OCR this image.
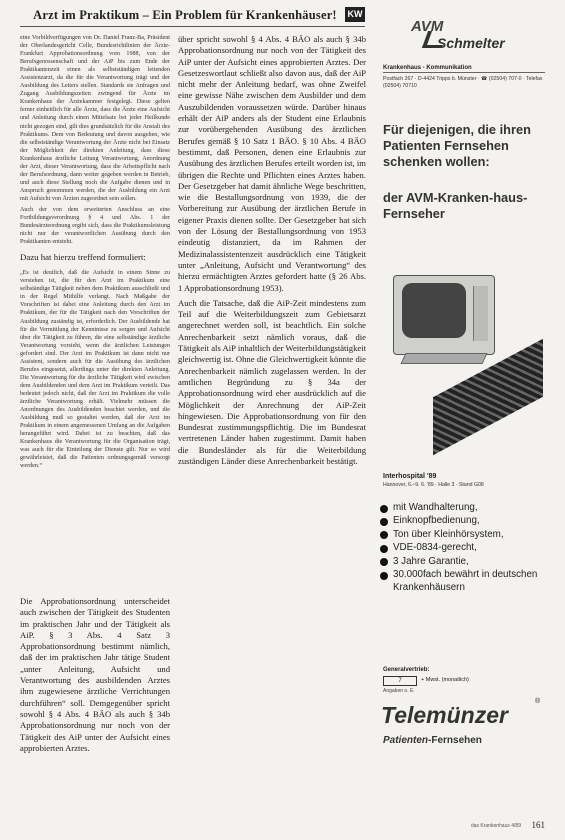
Arzt im Praktikum – Ein Problem für Krankenhäuser!	KW

eine Vorbildverfügungen von Dr. Daniel Franz-Ba, Präsident der Oberlandesgericht Celle, Bundesrichtlinien der Ärzte-Frankfurt Approbationsordnung vom 1988, von der Berufsgenossenschaft und der AiP bis zum Ende der Praktikantenzeit einen als selbstständigen leitenden Assistenzarzt, da die für die Verantwortung trägt und der Ausbildung des Leiters stellen. Standards sie Anfragen und Zugang Ausbildungszeiten zwingend für Ärzte im Krankenhaus der Ärztekammer festgelegt. Diese gelten ferner einheitlich für alle Ärzte, dass die Ärzte eine Aufsicht und Anleitung durch einen Mittelsatz bei jeder Heilkunde nicht gezogen sind, gilt dies grundsätzlich für die Anstalt des Praktikums. Dem von Bedeutung und davon ausgehen, wie die selbstständige Verantwortung der Ärzte nicht bei Einsatz der Möglichkeit der direkten Anleitung, dass diese Krankenhaus ärztliche Leitung Verantwortung, Anordnung der Arzt, dieser Verantwortung, dass die Arbeitspflicht nach der Berufsordnung, dann weiter gegeben werden in Betrieb, und auch diese Stellung noch die Aufgabe dienen und in Anspruch genommen werden, die der Ausbildung ein Arzt mit Aufsicht von Ärzten zugeordnet sein sollen.

Auch der von dem erweiterten Anschluss an eine Fortbildungsverordnung § 4 und Abs. 1 der Bundesärzteordnung ergibt sich, dass die Praktikumsleistung nicht nur der verantwortlichen Ausübung durch den Praktikanten entsteht.

Dazu hat hierzu treffend formuliert:

„Es ist deutlich, daß die Aufsicht in einem Sinne zu verstehen ist, die für den Arzt im Praktikum eine selbständige Tätigkeit neben dem Praktikum ausschließt und in der Regel Mithilfe verlangt. Nach Maßgabe der Vorschriften ist dabei eine Anleitung durch den Arzt im Praktikum, der für die Tätigkeit nach den Vorschriften der Ausbildung zuständig ist, erforderlich. Der Ausbildende hat für die Vermittlung der Kenntnisse zu sorgen und Aufsicht über die Tätigkeit zu führen, die eine selbständige ärztliche Verantwortung vorsieht, wenn die ärztlichen Leistungen gefordert sind. Der Arzt im Praktikum ist dann nicht nur Assistent, sondern auch für die Ausübung des ärztlichen Berufes eingesetzt, allerdings unter der direkten Anleitung. Die Verantwortung für die ärztliche Tätigkeit wird zwischen dem Ausbildenden und dem Arzt im Praktikum verteilt. Das bedeutet jedoch nicht, daß der Arzt im Praktikum die volle ärztliche Verantwortung erhält. Vielmehr müssen die Anordnungen des Ausbildenden beachtet werden, und die Ausbildung muß so gestaltet werden, daß der Arzt im Praktikum in einem angemessenen Umfang an die Aufgaben herangeführt wird. Dabei ist zu beachten, daß das Krankenhaus die Verantwortung für die Organisation trägt, was auch für die Einteilung der Dienste gilt. Nur so wird gewährleistet, daß die Patienten ordnungsgemäß versorgt werden.“

Die Approbationsordnung unterscheidet auch zwischen der Tätigkeit des Studenten im praktischen Jahr und der Tätigkeit als AiP. § 3 Abs. 4 Satz 3 Approbationsordnung bestimmt nämlich, daß der im praktischen Jahr tätige Student „unter Anleitung, Aufsicht und Verantwortung des ausbildenden Arztes ihm zugewiesene ärztliche Verrichtungen durchführen“ soll. Demgegenüber spricht sowohl § 4 Abs. 4 BÄO als auch § 34b Approbationsordnung nur noch von der Tätigkeit des AiP unter der Aufsicht eines approbierten Arztes.

über spricht sowohl § 4 Abs. 4 BÄO als auch § 34b Approbationsordnung nur noch von der Tätigkeit des AiP unter der Aufsicht eines approbierten Arztes. Der Gesetzeswortlaut schließt also davon aus, daß der AiP nicht mehr der Anleitung bedarf, was ohne Zweifel eine gewisse Nähe zwischen dem Ausbilder und dem Auszubildenden voraussetzen würde. Darüber hinaus erhält der AiP anders als der Student eine Erlaubnis zur vorübergehenden Ausübung des ärztlichen Berufes gemäß § 10 Satz 1 BÄO. § 10 Abs. 4 BÄO bestimmt, daß Personen, denen eine Erlaubnis zur Ausübung des ärztlichen Berufes erteilt worden ist, im übrigen die Rechte und Pflichten eines Arztes haben. Der Gesetzgeber hat damit ähnliche Wege beschritten, wie die Bestallungsordnung von 1939, die der Vorbereitung zur Ausübung der ärztlichen Berufe in eigener Praxis dienen sollte. Der Gesetzgeber hat sich von der Lösung der Bestallungsordnung von 1953 eindeutig distanziert, da im Rahmen der Medizinalassistentenzeit ausdrücklich eine Tätigkeit unter „Anleitung, Aufsicht und Verantwortung“ des hierzu ermächtigten Arztes gefordert hatte (§ 26 Abs. 1 Approbationsordnung 1953).

Auch die Tatsache, daß die AiP-Zeit mindestens zum Teil auf die Weiterbildungszeit zum Gebietsarzt angerechnet werden soll, ist beachtlich. Ein solche Anrechenbarkeit setzt nämlich voraus, daß die Tätigkeit als AiP inhaltlich der Weiterbildungstätigkeit gleichwertig ist. Ohne die Gleichwertigkeit könnte die Anrechenbarkeit nämlich zugelassen werden. In der amtlichen Begründung zu § 34a der Approbationsordnung wird eher ausdrücklich auf die Möglichkeit der Anrechnung der AiP-Zeit hingewiesen. Die Approbationsordnung von für den Bundesrat zustimmungspflichtig. Die im Bundesrat vertretenen Länder haben zugestimmt. Damit haben die Bundesländer als für die Weiterbildung zuständigen Länder diese Anrechenbarkeit bestätigt.

AVM
Schmelter
Krankenhaus - Kommunikation
Postfach 267 · D-4424 Tripps b. Münster · ☎ (02504) 707-0 · Telefax (02504) 70710
Für diejenigen, die ihren Patienten Fernsehen schenken wollen:
der AVM-Kranken-haus-Fernseher
Interhospital '89
Hannover, 6.–9. 6. '89 · Halle 3 · Stand G08
mit Wandhalterung,
Einknopfbedienung,
Ton über Kleinhörsystem,
VDE-0834-gerecht,
3 Jahre Garantie,
30.000fach bewährt in deutschen Krankenhäusern
Generalvertrieb:
7	+ Mwst. (monatlich)
Angaben o. E.
Telemünzer
®
Patienten-Fernsehen
das Krankenhaus 4/89 161
